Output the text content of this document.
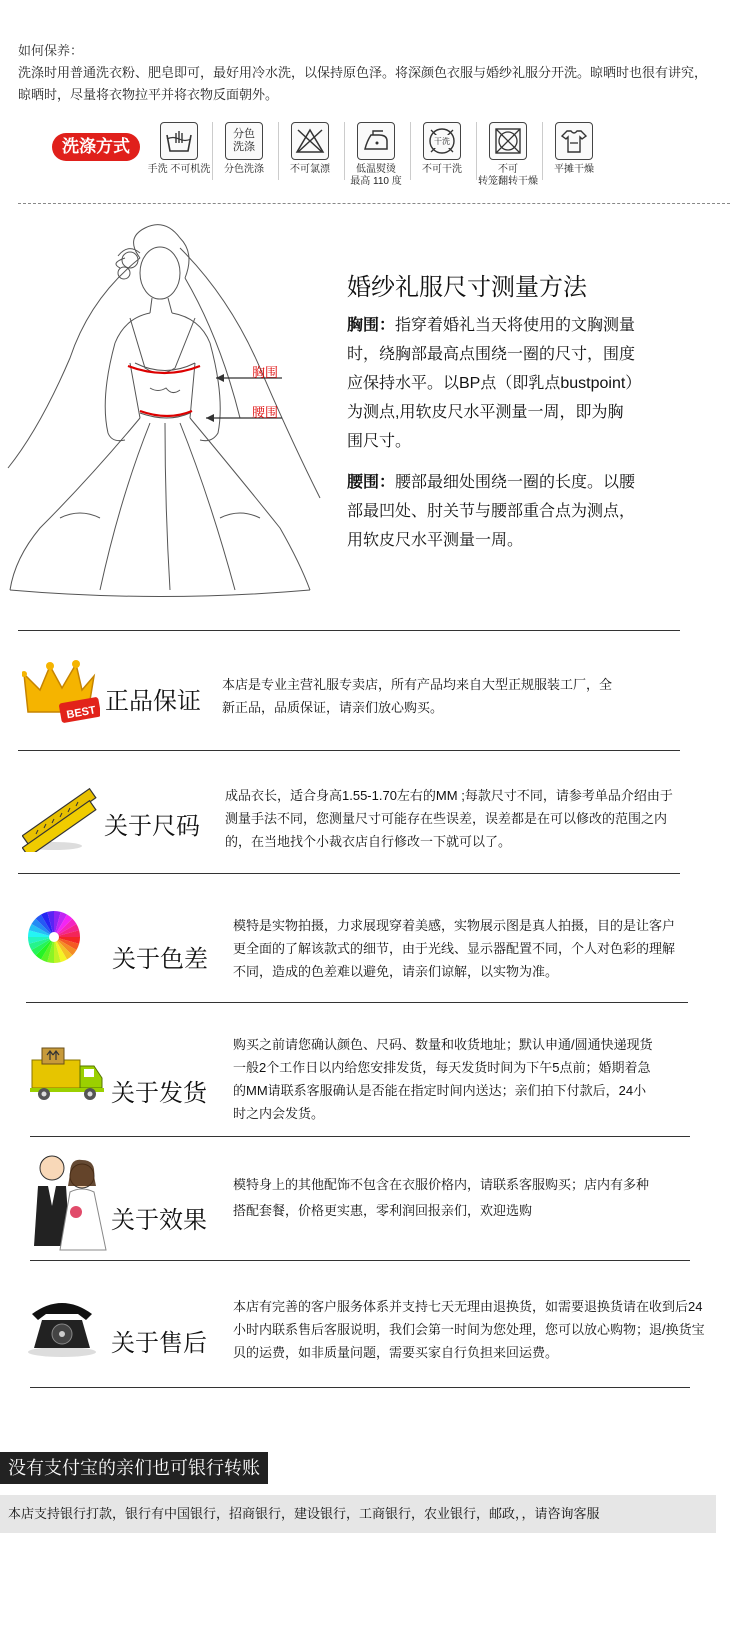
如何保养：
洗涤时用普通洗衣粉、肥皂即可，最好用冷水洗，以保持原色泽。将深颜色衣服与婚纱礼服分开洗。晾晒时也很有讲究，晾晒时，尽量将衣物拉平并将衣物反面朝外。
洗涤方式
手洗 不可机洗
分色
洗涤
分色洗涤	不可氯漂	低温熨烫
最高 110 度
干洗
不可干洗	不可
转笼翻转干燥
平摊干燥
胸围
腰围
婚纱礼服尺寸测量方法
胸围：指穿着婚礼当天将使用的文胸测量时，绕胸部最高点围绕一圈的尺寸，围度应保持水平。以BP点（即乳点bustpoint）为测点,用软皮尺水平测量一周，即为胸围尺寸。
腰围：腰部最细处围绕一圈的长度。以腰部最凹处、肘关节与腰部重合点为测点，用软皮尺水平测量一周。
BEST 正品保证
本店是专业主营礼服专卖店，所有产品均来自大型正规服装工厂，全新正品，品质保证，请亲们放心购买。
关于尺码
成品衣长，适合身高1.55-1.70左右的MM ;每款尺寸不同，请参考单品介绍由于测量手法不同，您测量尺寸可能存在些误差，误差都是在可以修改的范围之内的，在当地找个小裁衣店自行修改一下就可以了。
关于色差
模特是实物拍摄，力求展现穿着美感，实物展示图是真人拍摄，目的是让客户更全面的了解该款式的细节，由于光线、显示器配置不同，个人对色彩的理解不同，造成的色差难以避免，请亲们谅解，以实物为准。
关于发货
购买之前请您确认颜色、尺码、数量和收货地址；默认申通/圆通快递现货一般2个工作日以内给您安排发货，每天发货时间为下午5点前；婚期着急的MM请联系客服确认是否能在指定时间内送达；亲们拍下付款后，24小时之内会发货。
关于效果
模特身上的其他配饰不包含在衣服价格内，请联系客服购买；店内有多种搭配套餐，价格更实惠，零利润回报亲们，欢迎选购
关于售后
本店有完善的客户服务体系并支持七天无理由退换货，如需要退换货请在收到后24小时内联系售后客服说明，我们会第一时间为您处理，您可以放心购物；退/换货宝贝的运费，如非质量问题，需要买家自行负担来回运费。
没有支付宝的亲们也可银行转账
本店支持银行打款，银行有中国银行，招商银行，建设银行，工商银行，农业银行，邮政，，请咨询客服
